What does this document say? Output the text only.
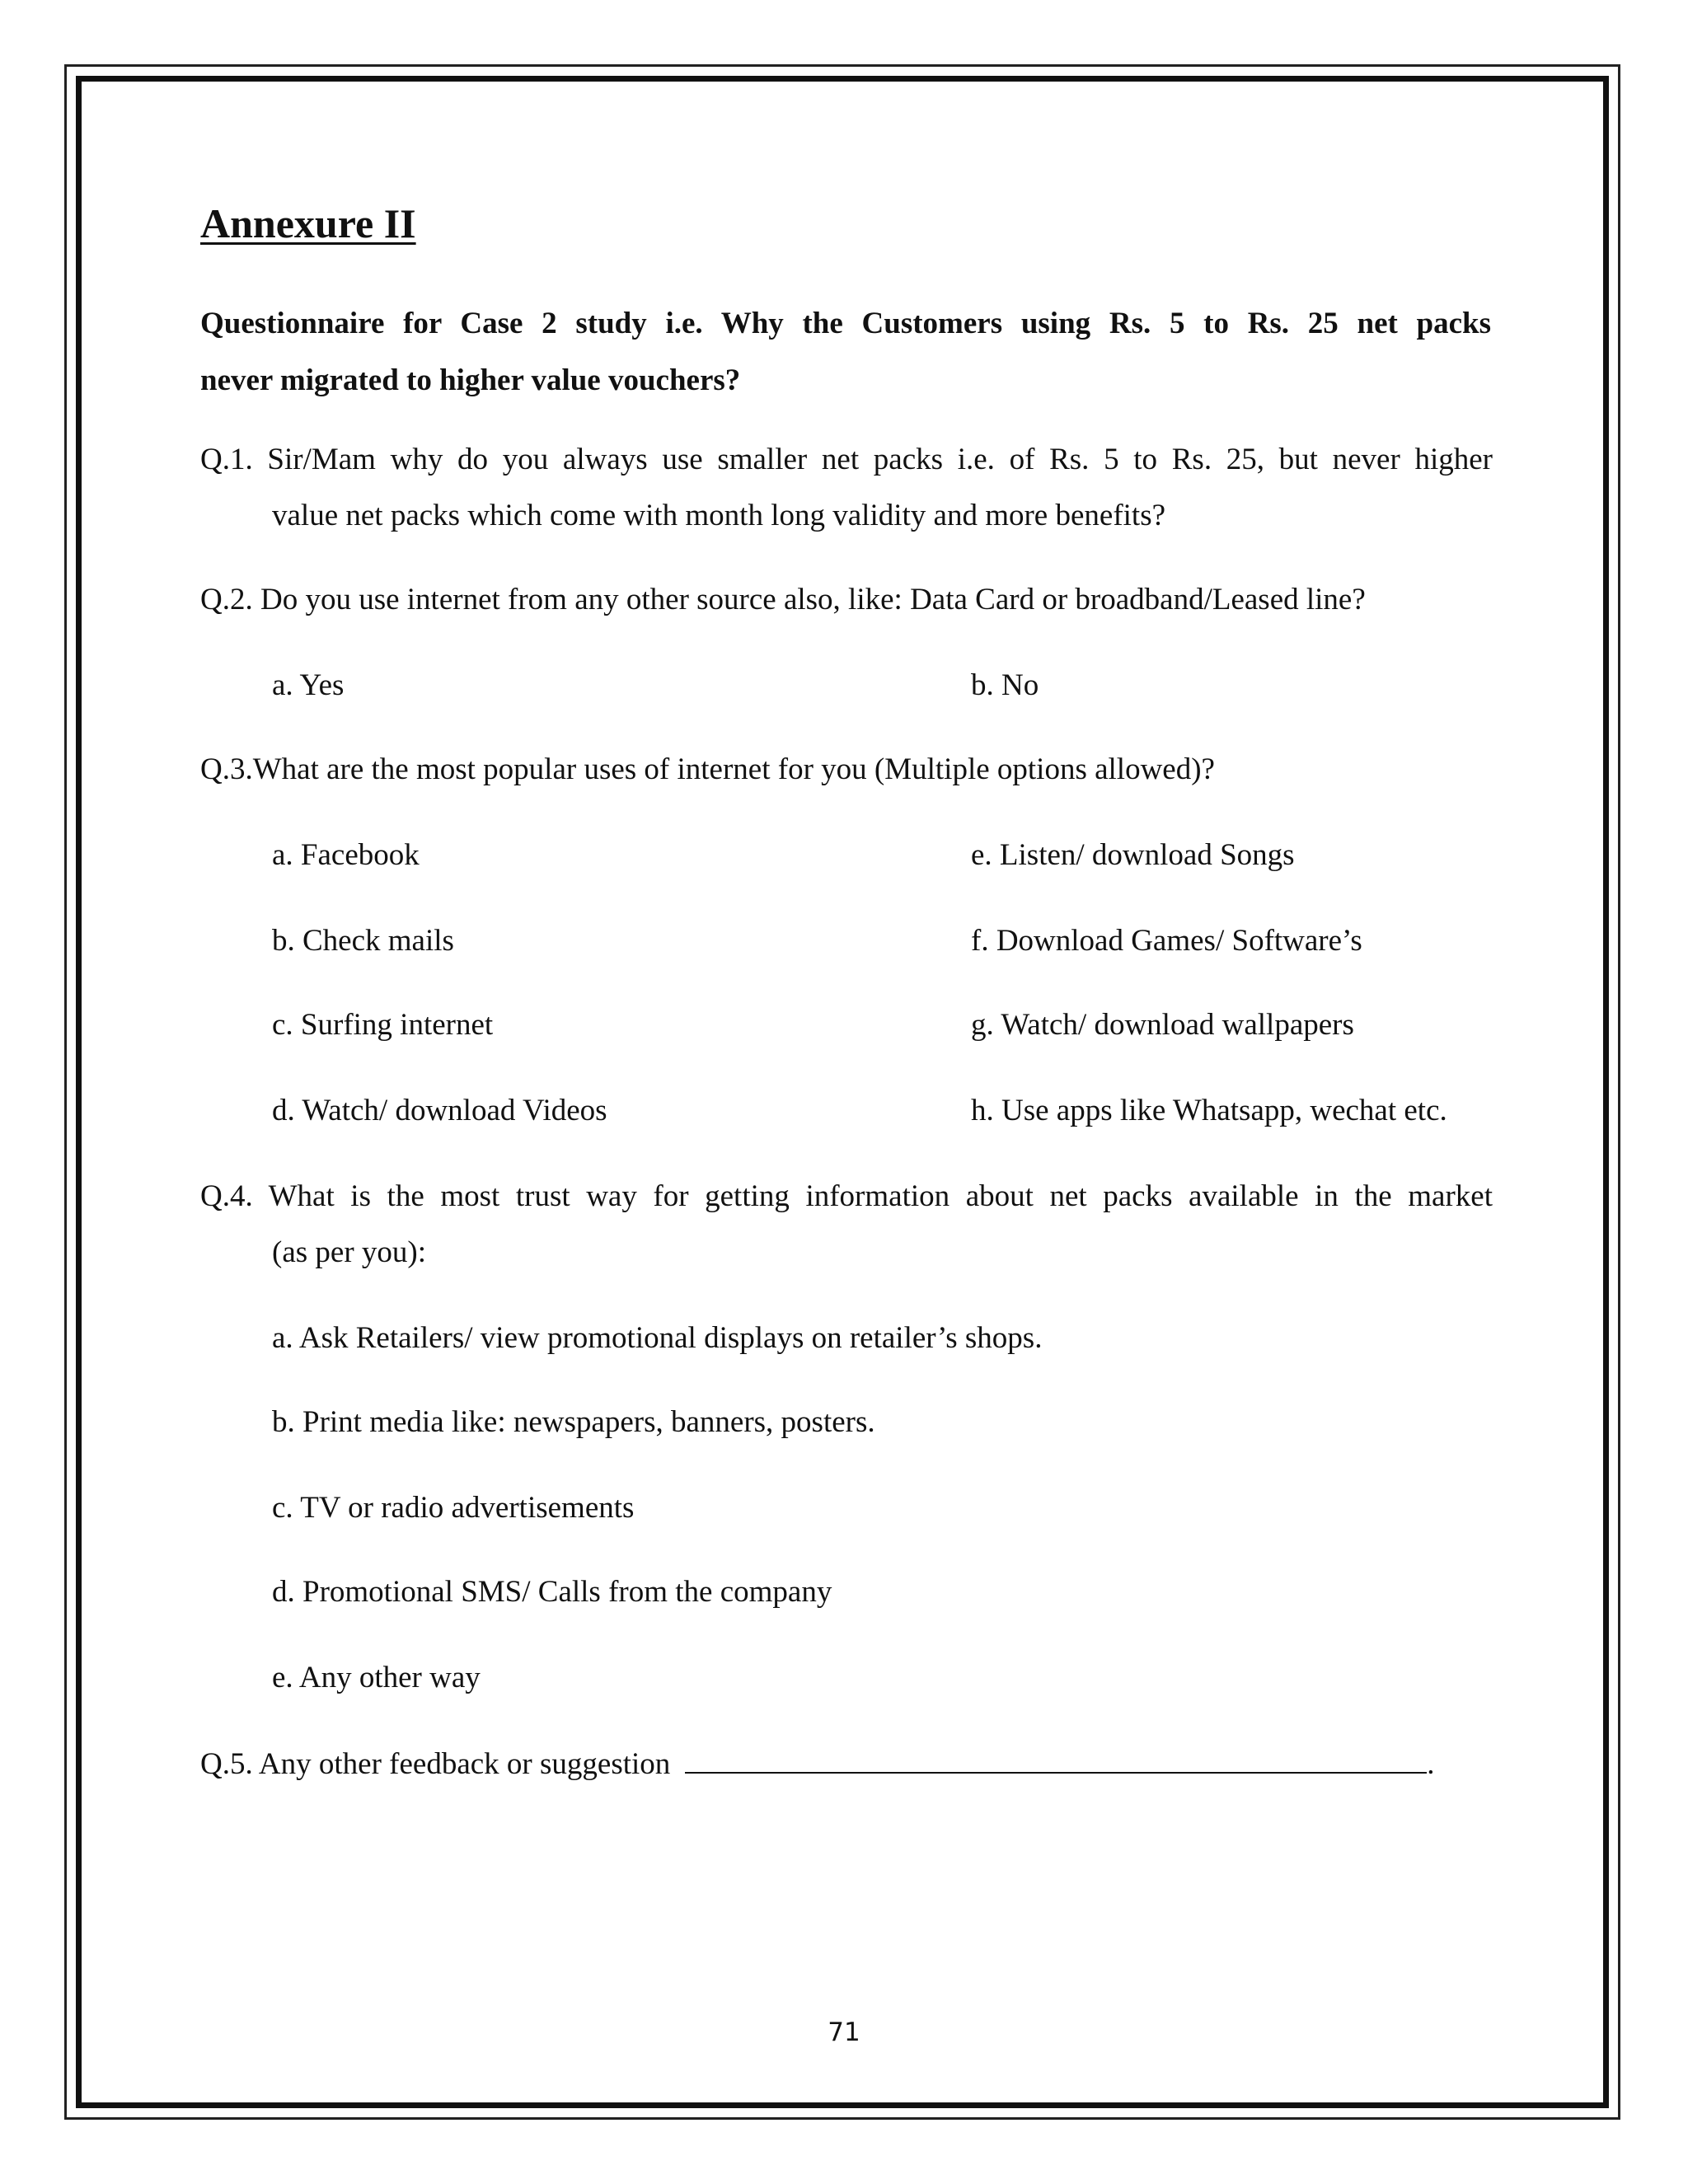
Annexure II
Questionnaire for Case 2 study i.e. Why the Customers using Rs. 5 to Rs. 25 net packs
never migrated to higher value vouchers?
Q.1. Sir/Mam why do you always use smaller net packs i.e. of Rs. 5 to Rs. 25, but never higher
value net packs which come with month long validity and more benefits?
Q.2. Do you use internet from any other source also, like: Data Card or broadband/Leased line?
a. Yes	b. No
Q.3.What are the most popular uses of internet for you (Multiple options allowed)?
a. Facebook	e. Listen/ download Songs
b. Check mails	f. Download Games/ Software’s
c. Surfing internet	g. Watch/ download wallpapers
d. Watch/ download Videos	h. Use apps like Whatsapp, wechat etc.
Q.4. What is the most trust way for getting information about net packs available in the market
(as per you):
a. Ask Retailers/ view promotional displays on retailer’s shops.
b. Print media like: newspapers, banners, posters.
c. TV or radio advertisements
d. Promotional SMS/ Calls from the company
e. Any other way
Q.5. Any other feedback or suggestion	.
71
